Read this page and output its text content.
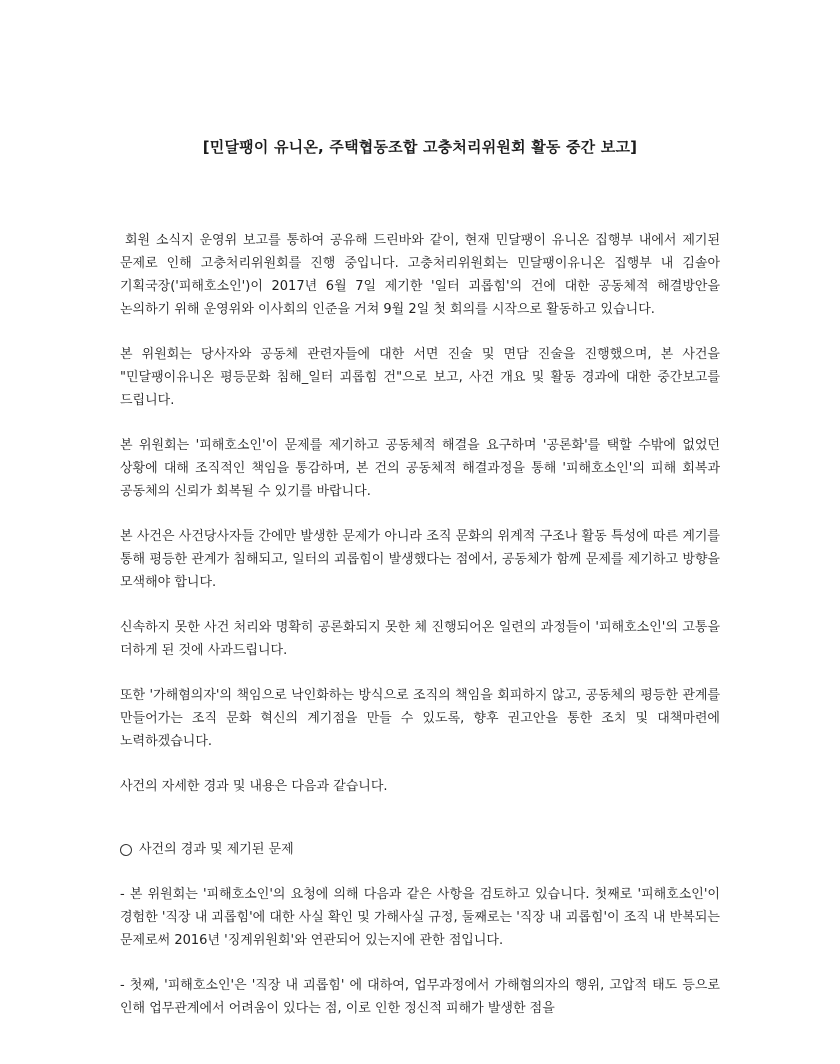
[민달팽이 유니온, 주택협동조합 고충처리위원회 활동 중간 보고]

회원 소식지 운영위 보고를 통하여 공유해 드린바와 같이, 현재 민달팽이 유니온 집행부 내에서 제기된 문제로 인해 고충처리위원회를 진행 중입니다. 고충처리위원회는 민달팽이유니온 집행부 내 김솔아 기획국장('피해호소인')이 2017년 6월 7일 제기한 '일터 괴롭힘'의 건에 대한 공동체적 해결방안을 논의하기 위해 운영위와 이사회의 인준을 거쳐 9월 2일 첫 회의를 시작으로 활동하고 있습니다.

본 위원회는 당사자와 공동체 관련자들에 대한 서면 진술 및 면담 진술을 진행했으며, 본 사건을 "민달팽이유니온 평등문화 침해_일터 괴롭힘 건"으로 보고, 사건 개요 및 활동 경과에 대한 중간보고를 드립니다.

본 위원회는 '피해호소인'이 문제를 제기하고 공동체적 해결을 요구하며 '공론화'를 택할 수밖에 없었던 상황에 대해 조직적인 책임을 통감하며, 본 건의 공동체적 해결과정을 통해 '피해호소인'의 피해 회복과 공동체의 신뢰가 회복될 수 있기를 바랍니다.

본 사건은 사건당사자들 간에만 발생한 문제가 아니라 조직 문화의 위계적 구조나 활동 특성에 따른 계기를 통해 평등한 관계가 침해되고, 일터의 괴롭힘이 발생했다는 점에서, 공동체가 함께 문제를 제기하고 방향을 모색해야 합니다.

신속하지 못한 사건 처리와 명확히 공론화되지 못한 체 진행되어온 일련의 과정들이 '피해호소인'의 고통을 더하게 된 것에 사과드립니다.

또한 '가해혐의자'의 책임으로 낙인화하는 방식으로 조직의 책임을 회피하지 않고, 공동체의 평등한 관계를 만들어가는 조직 문화 혁신의 계기점을 만들 수 있도록, 향후 권고안을 통한 조치 및 대책마련에 노력하겠습니다.

사건의 자세한 경과 및 내용은 다음과 같습니다.

사건의 경과 및 제기된 문제

- 본 위원회는 '피해호소인'의 요청에 의해 다음과 같은 사항을 검토하고 있습니다. 첫째로 '피해호소인'이 경험한 '직장 내 괴롭힘'에 대한 사실 확인 및 가해사실 규정, 둘째로는 '직장 내 괴롭힘'이 조직 내 반복되는 문제로써 2016년 '징계위원회'와 연관되어 있는지에 관한 점입니다.

- 첫째, '피해호소인'은 '직장 내 괴롭힘' 에 대하여, 업무과정에서 가해혐의자의 행위, 고압적 태도 등으로 인해 업무관계에서 어려움이 있다는 점, 이로 인한 정신적 피해가 발생한 점을
